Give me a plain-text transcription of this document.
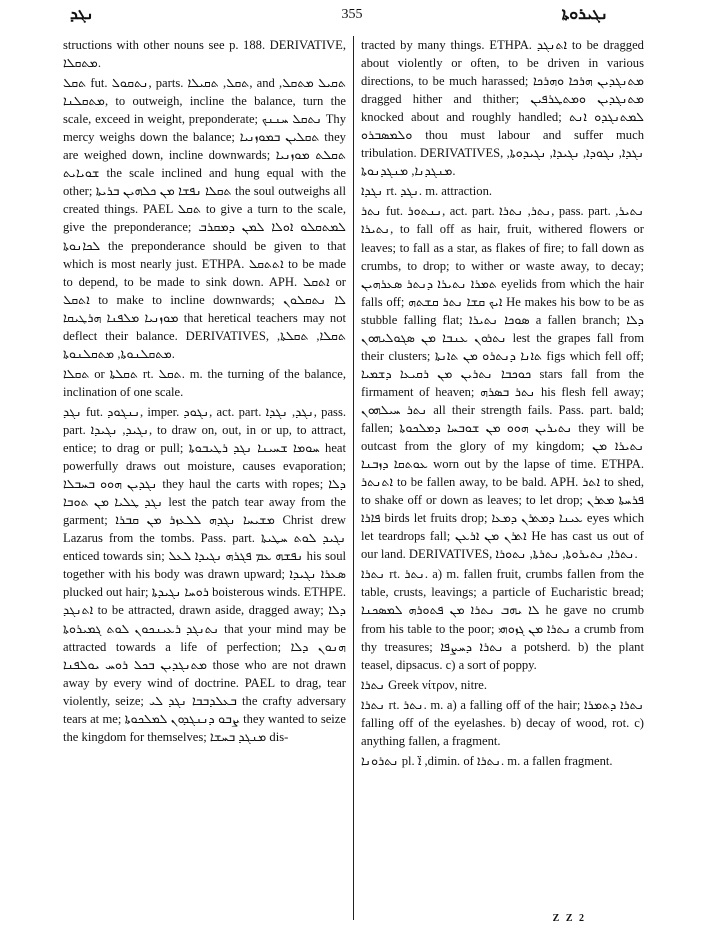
ܢܓܕ	355	ܢܓܝܪܘܬܐ

structions with other nouns see p. 188. DERIVATIVE, ܡܬܩܠܐ.

ܬܩܠ fut. ܢܬܩܘܠ, parts. ܬܩܠ, ܬܩܝܠܐ, and ܬܩܝܠ ܡܬܩܠ, ܡܬܩܠܢܐ, to outweigh, incline the balance, turn the scale, exceed in weight, preponderate; ܢܬܩܠ ܚܢܢܟ Thy mercy weighs down the balance; ܬܩܠܝܢ ܒܡܘܙܢܝܐ they are weighed down, incline downwards; ܬܩܠܬ ܡܘܙܢܝܐ ܫܘܝܐܝܬ the scale inclined and hung equal with the other; ܬܩܠܐ ܢܦܫܐ ܡܢ ܟܠܗܝܢ ܒܪܝܬܐ the soul outweighs all created things. PAEL ܬܩܠ to give a turn to the scale, give the preponderance; ܠܡܬܩܠܘ ܐܘܠܐ ܠܡܢ ܕܡܩܪܒ ܠܟܐܢܘܬܐ the preponderance should be given to that which is most nearly just. ETHPA. ܐܬܬܩܠ to be made to depend, to be made to sink down. APH. ܐܬܩܠ or ܐܬܩܠ to make to incline downwards; ܠܐ ܢܬܩܠܘܢ ܡܘܙܢܝܐ ܡܠܦܢܐ ܗܪܛܝܩܐ that heretical teachers may not deflect their balance. DERIVATIVES, ܬܩܠܐ, ܬܩܠܬܐ, ܡܬܩܠܢܘܬܐ, ܡܬܩܠܢܘܬܐ.

ܬܩܠܐ or ܬܩܠܬܐ rt. ܬܩܠ. m. the turning of the balance, inclination of one scale.

ܢܓܕ fut. ܢܢܓܘܕ, imper. ܢܓܘܕ, act. part. ܢܓܕ, ܢܓܕܐ, pass. part. ܢܓܝܕ, ܢܓܝܕܐ, to draw on, out, in or up, to attract, entice; to drag or pull; ܚܘܡܐ ܫܚܝܢܐ ܢܓܕ ܪܛܝܒܘܬܐ heat powerfully draws out moisture, causes evaporation; ܢܓܕܝܢ ܗܘܘ ܒܚܒܠܐ they haul the carts with ropes; ܕܠܐ ܢܓܕ ܛܠܝܐ ܡܢ ܬܘܒܐ lest the patch tear away from the garment; ܡܫܝܚܐ ܢܓܕܗ ܠܠܥܙܪ ܡܢ ܩܒܪܐ Christ drew Lazarus from the tombs. Pass. part. ܢܓܝܕ ܠܘܬ ܚܛܝܬܐ enticed towards sin; ܢܦܫܗ ܥܡ ܦܓܪܗ ܢܓܝܕܐ ܠܥܠ his soul together with his body was drawn upward; ܣܥܪܐ ܢܓܝܕܐ plucked out hair; ܪܘܚܐ ܢܓܝܕܬܐ boisterous winds. ETHPE. ܐܬܢܓܕ to be attracted, drawn aside, dragged away; ܕܠܐ ܢܬܢܓܕ ܪܥܝܢܟܘܢ ܠܘܬ ܓܡܝܪܘܬܐ that your mind may be attracted towards a life of perfection; ܗܢܘܢ ܕܠܐ ܡܬܢܓܕܝܢ ܒܟܠ ܪܘܚ ܝܘܠܦܢܐ those who are not drawn away by every wind of doctrine. PAEL to drag, tear violently, seize; ܒܥܠܕܒܒܐ ܢܓܕ ܠܝ the crafty adversary tears at me; ܨܒܘ ܕܢܢܓܕܘܢ ܠܡܠܟܘܬܐ they wanted to seize the kingdom for themselves; ܡܢܓܕ ܒܚܫܐ dis-

tracted by many things. ETHPA. ܐܬܢܓܕ to be dragged about violently or often, to be driven in various directions, to be much harassed; ܡܬܢܓܕܝܢ ܗܪܟܐ ܘܗܪܟܐ dragged hither and thither; ܡܬܢܓܕܝܢ ܘܡܬܛܪܦܝܢ knocked about and roughly handled; ܠܡܬܢܓܕܘ ܐܢܬ ܘܠܡܣܒܪܘ thou must labour and suffer much tribulation. DERIVATIVES, ܢܓܕܐ, ܢܓܘܕܐ, ܢܓܝܕܐ, ܢܓܝܕܘܬܐ, ܡܢܓܕܢܐ, ܡܢܓܕܢܘܬܐ.

ܢܓܕܐ rt. ܢܓܕ. m. attraction.

ܢܬܪ fut. ܢܢܬܘܪ, act. part. ܢܬܪ, ܢܬܪܐ, pass. part. ܢܬܝܪ, ܢܬܝܪܐ, to fall off as hair, fruit, withered flowers or leaves; to fall as a star, as flakes of fire; to fall down as crumbs, to drop; to wither or waste away, to decay; ܬܡܪܐ ܢܬܝܪܐ ܕܢܬܪ ܣܥܪܗܝܢ eyelids from which the hair falls off; ܐܝܟ ܩܫܐ ܢܬܪ ܩܫܬܗ He makes his bow to be as stubble falling flat; ܣܘܟܐ ܢܬܝܪܐ a fallen branch; ܕܠܐ ܢܬܪܘܢ ܥܢܒܐ ܡܢ ܣܓܘܠܝܗܘܢ lest the grapes fall from their clusters; ܬܐܢܐ ܕܢܬܪܘ ܡܢ ܬܐܢܬܐ figs which fell off; ܟܘܟܒܐ ܢܬܪܝܢ ܡܢ ܪܩܝܥܐ ܕܫܡܝܐ stars fall from the firmament of heaven; ܢܬܪ ܒܣܪܗ his flesh fell away; ܢܬܪ ܚܝܠܗܘܢ all their strength fails. Pass. part. bald; fallen; ܢܬܝܪܝܢ ܗܘܘ ܡܢ ܫܘܒܚܐ ܕܡܠܟܘܬܐ they will be outcast from the glory of my kingdom; ܢܬܝܪܐ ܡܢ ܥܘܬܩܐ ܕܙܒܢܐ worn out by the lapse of time. ETHPA. ܐܬܢܬܪ to be fallen away, to be bald. APH. ܐܬܪ to shed, to shake off or down as leaves; to let drop; ܦܪܚܬܐ ܡܬܪܢ ܦܐܪܐ birds let fruits drop; ܥܝܢܐ ܕܡܬܪܢ ܕܡܥܐ eyes which let teardrops fall; ܐܬܪܢ ܡܢ ܐܪܥܢ He has cast us out of our land. DERIVATIVES, ܢܬܪܐ, ܢܬܝܪܘܬܐ, ܢܬܪܬܐ, ܢܬܘܪܐ.

ܢܬܪܐ rt. ܢܬܪ. a) m. fallen fruit, crumbs fallen from the table, crusts, leavings; a particle of Eucharistic bread; ܠܐ ܝܗܒ ܢܬܪܐ ܡܢ ܦܬܘܪܗ ܠܡܣܟܢܐ he gave no crumb from his table to the poor; ܢܬܪܐ ܡܢ ܓܙܘܗܝ a crumb from thy treasures; ܢܬܪܐ ܕܚܨܦܐ a potsherd. b) the plant teasel, dipsacus. c) a sort of poppy.

ܢܬܪܐ Greek νίτρον, nitre.

ܢܬܪܐ rt. ܢܬܪ. m. a) a falling off of the hair; ܢܬܪܐ ܕܬܡܪܐ falling off of the eyelashes. b) decay of wood, rot. c) anything fallen, a fragment.

ܢܬܪܘܢܐ pl. ܐ̈ ,dimin. of ܢܬܪܐ. m. a fallen fragment.

Z Z 2
